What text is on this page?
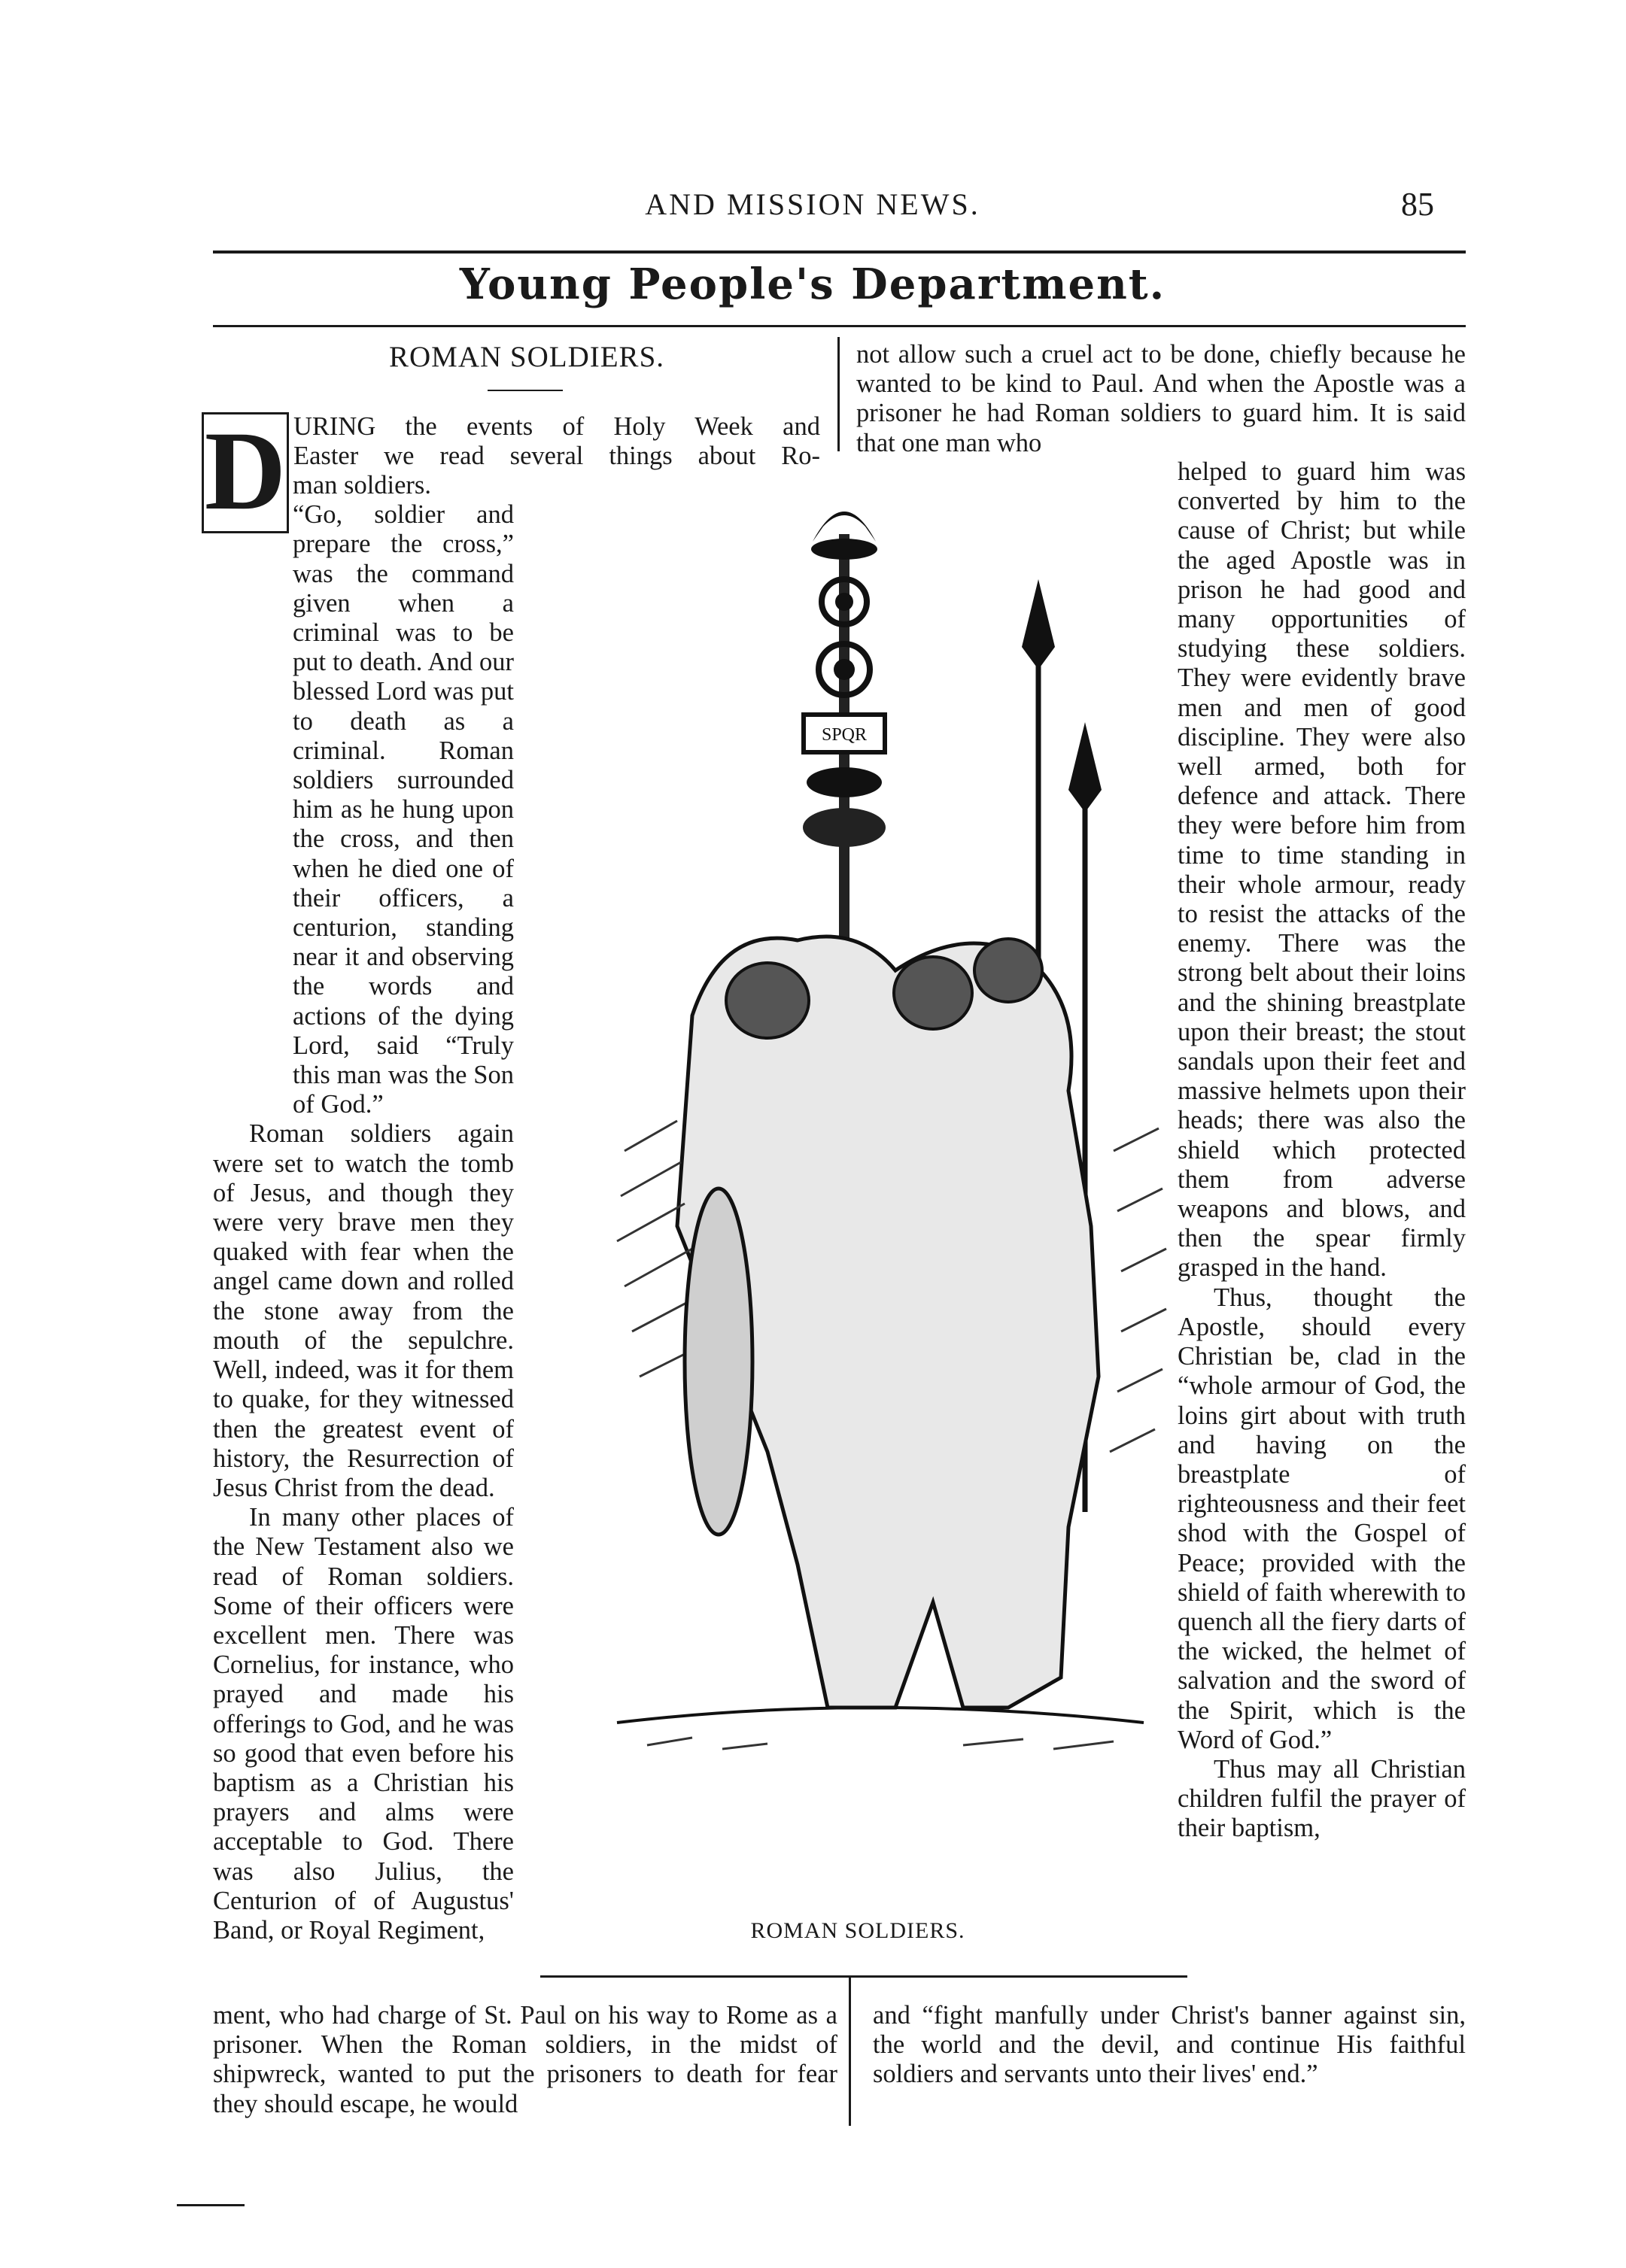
AND MISSION NEWS.	85
Young People's Department.
ROMAN SOLDIERS.
D URING the events of Holy Week and

Easter we read several things about Ro-

man soldiers.

“Go, soldier and prepare the cross,” was the command given when a criminal was to be put to death. And our blessed Lord was put to death as a criminal. Roman soldiers surrounded him as he hung upon the cross, and then when he died one of their officers, a centurion, standing near it and observing the words and actions of the dying Lord, said “Truly this man was the Son of God.”

Roman soldiers again were set to watch the tomb of Jesus, and though they were very brave men they quaked with fear when the angel came down and rolled the stone away from the mouth of the sepulchre. Well, indeed, was it for them to quake, for they witnessed then the greatest event of history, the Resurrection of Jesus Christ from the dead.

In many other places of the New Testament also we read of Roman soldiers. Some of their officers were excellent men. There was Cornelius, for instance, who prayed and made his offerings to God, and he was so good that even before his baptism as a Christian his prayers and alms were acceptable to God. There was also Julius, the Centurion of of Augustus' Band, or Royal Regiment,

not allow such a cruel act to be done, chiefly because he wanted to be kind to Paul. And when the Apostle was a prisoner he had Roman soldiers to guard him. It is said that one man who

helped to guard him was converted by him to the cause of Christ; but while the aged Apostle was in prison he had good and many opportunities of studying these soldiers. They were evidently brave men and men of good discipline. They were also well armed, both for defence and attack. There they were before him from time to time standing in their whole armour, ready to resist the attacks of the enemy. There was the strong belt about their loins and the shining breastplate upon their breast; the stout sandals upon their feet and massive helmets upon their heads; there was also the shield which protected them from adverse weapons and blows, and then the spear firmly grasped in the hand.

Thus, thought the Apostle, should every Christian be, clad in the “whole armour of God, the loins girt about with truth and having on the breastplate of righteousness and their feet shod with the Gospel of Peace; provided with the shield of faith wherewith to quench all the fiery darts of the wicked, the helmet of salvation and the sword of the Spirit, which is the Word of God.”

Thus may all Christian children fulfil the prayer of their baptism,

SPQR
ROMAN SOLDIERS.

ment, who had charge of St. Paul on his way to Rome as a prisoner. When the Roman soldiers, in the midst of shipwreck, wanted to put the prisoners to death for fear they should escape, he would

and “fight manfully under Christ's banner against sin, the world and the devil, and continue His faithful soldiers and servants unto their lives' end.”
